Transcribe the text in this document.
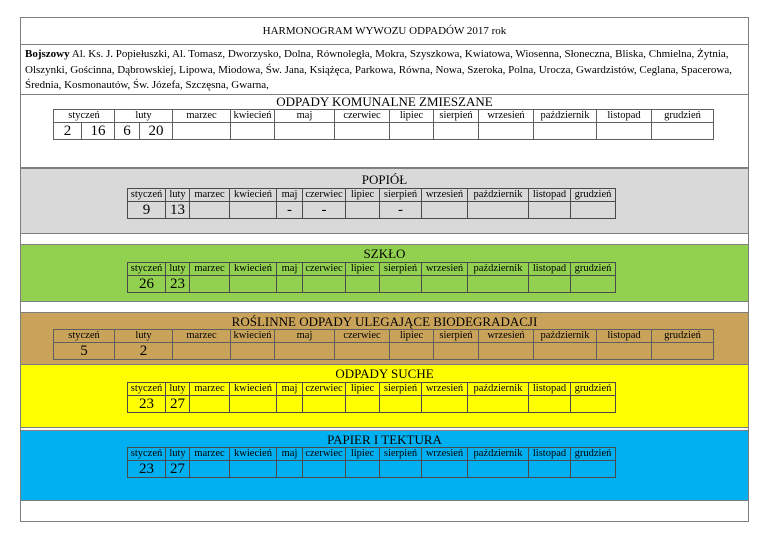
HARMONOGRAM WYWOZU ODPADÓW 2017 rok
Bojszowy Al. Ks. J. Popiełuszki, Al. Tomasz, Dworzysko, Dolna, Równoległa, Mokra, Szyszkowa, Kwiatowa, Wiosenna, Słoneczna, Bliska, Chmielna, Żytnia, Olszynki, Gościnna, Dąbrowskiej, Lipowa, Miodowa, Św. Jana, Książęca, Parkowa, Równa, Nowa, Szeroka, Polna, Urocza, Gwardzistów, Ceglana, Spacerowa, Średnia, Kosmonautów, Św. Józefa, Szczęsna, Gwarna,
ODPADY KOMUNALNE ZMIESZANE
styczeń		luty		marzec	kwiecień	maj	czerwiec	lipiec	sierpień	wrzesień	październik	listopad	grudzień
2	16	6	20										
POPIÓŁ
styczeń	luty	marzec	kwiecień	maj	czerwiec	lipiec	sierpień	wrzesień	październik	listopad	grudzień
9	13			-	-		-				
SZKŁO
styczeń	luty	marzec	kwiecień	maj	czerwiec	lipiec	sierpień	wrzesień	październik	listopad	grudzień
26	23										
ROŚLINNE ODPADY ULEGAJĄCE BIODEGRADACJI
styczeń	luty	marzec	kwiecień	maj	czerwiec	lipiec	sierpień	wrzesień	październik	listopad	grudzień
5	2										
ODPADY SUCHE
styczeń	luty	marzec	kwiecień	maj	czerwiec	lipiec	sierpień	wrzesień	październik	listopad	grudzień
23	27										
PAPIER I TEKTURA
styczeń	luty	marzec	kwiecień	maj	czerwiec	lipiec	sierpień	wrzesień	październik	listopad	grudzień
23	27										
